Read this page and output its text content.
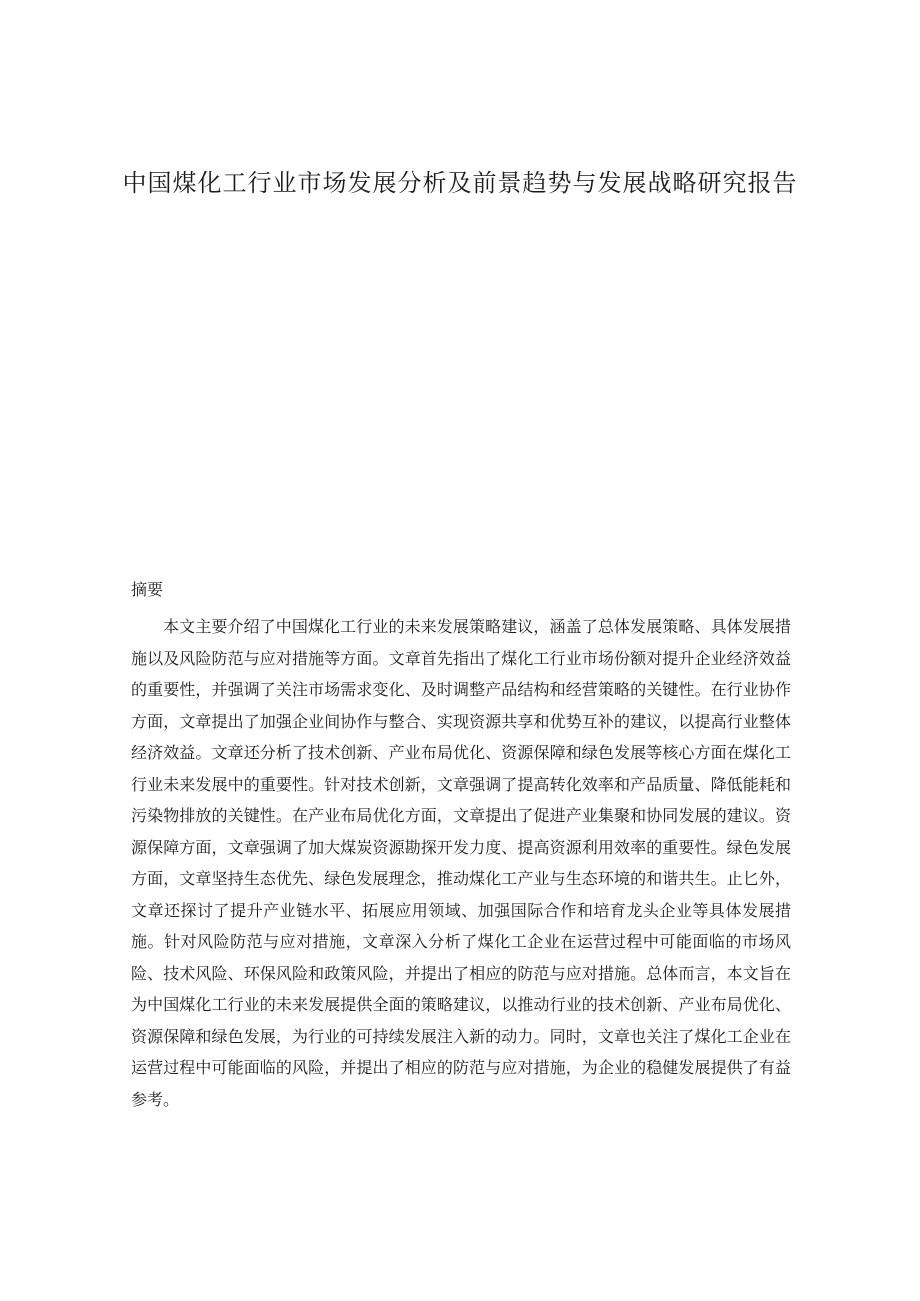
中国煤化工行业市场发展分析及前景趋势与发展战略研究报告
摘要

本文主要介绍了中国煤化工行业的未来发展策略建议，涵盖了总体发展策略、具体发展措施以及风险防范与应对措施等方面。文章首先指出了煤化工行业市场份额对提升企业经济效益的重要性，并强调了关注市场需求变化、及时调整产品结构和经营策略的关键性。在行业协作方面，文章提出了加强企业间协作与整合、实现资源共享和优势互补的建议，以提高行业整体经济效益。文章还分析了技术创新、产业布局优化、资源保障和绿色发展等核心方面在煤化工行业未来发展中的重要性。针对技术创新，文章强调了提高转化效率和产品质量、降低能耗和污染物排放的关键性。在产业布局优化方面，文章提出了促进产业集聚和协同发展的建议。资源保障方面，文章强调了加大煤炭资源勘探开发力度、提高资源利用效率的重要性。绿色发展方面，文章坚持生态优先、绿色发展理念，推动煤化工产业与生态环境的和谐共生。止匕外，文章还探讨了提升产业链水平、拓展应用领域、加强国际合作和培育龙头企业等具体发展措施。针对风险防范与应对措施，文章深入分析了煤化工企业在运营过程中可能面临的市场风险、技术风险、环保风险和政策风险，并提出了相应的防范与应对措施。总体而言，本文旨在为中国煤化工行业的未来发展提供全面的策略建议，以推动行业的技术创新、产业布局优化、资源保障和绿色发展，为行业的可持续发展注入新的动力。同时，文章也关注了煤化工企业在运营过程中可能面临的风险，并提出了相应的防范与应对措施，为企业的稳健发展提供了有益参考。
